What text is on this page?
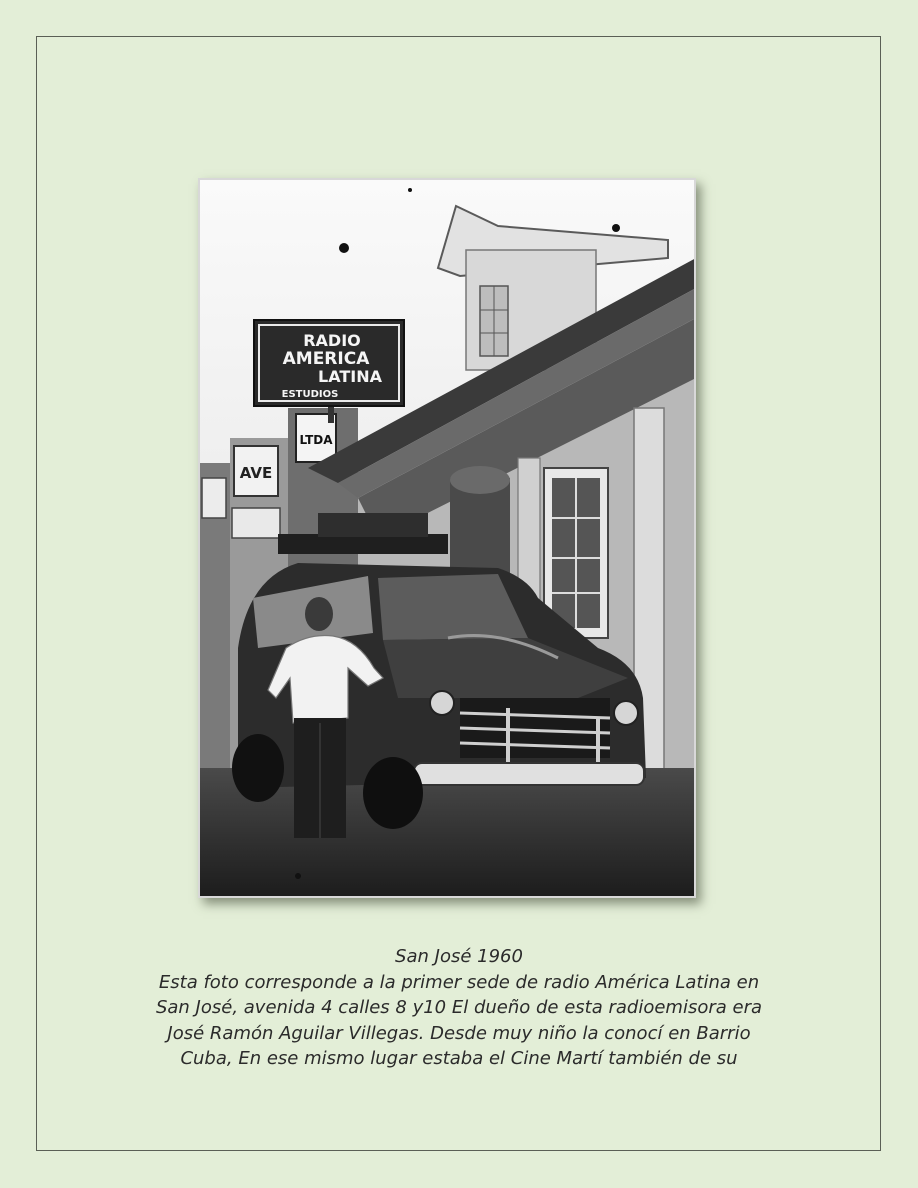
AVE
LTDA
RADIO
AMERICA
LATINA
ESTUDIOS

San José 1960

Esta foto corresponde a la primer sede de radio América Latina en

San José, avenida 4 calles 8 y10 El dueño de esta radioemisora era

José Ramón Aguilar Villegas. Desde muy niño la conocí en Barrio

Cuba, En ese mismo lugar estaba el Cine Martí también de su
